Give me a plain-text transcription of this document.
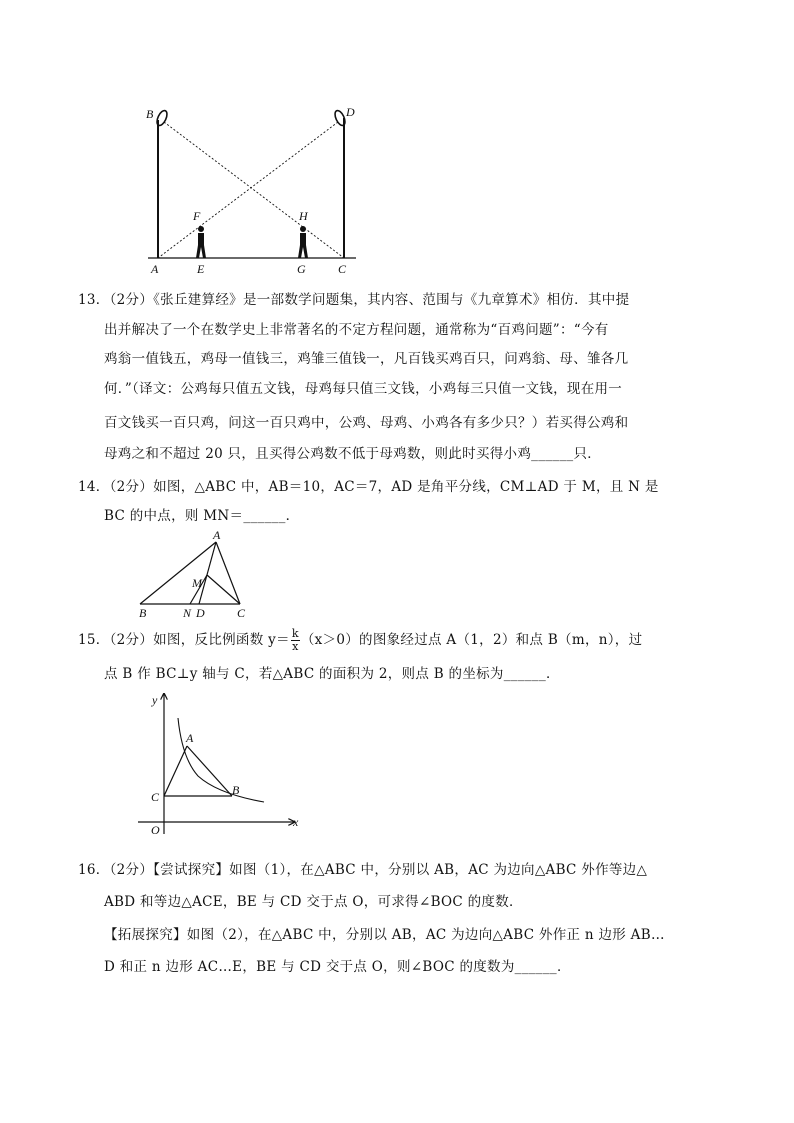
B	D
F	H
A	E	G	C
13．（2分）《张丘建算经》是一部数学问题集，其内容、范围与《九章算术》相仿．其中提
出并解决了一个在数学史上非常著名的不定方程问题，通常称为“百鸡问题”：“今有
鸡翁一值钱五，鸡母一值钱三，鸡雏三值钱一，凡百钱买鸡百只，问鸡翁、母、雏各几
何．”（译文：公鸡每只值五文钱，母鸡每只值三文钱，小鸡每三只值一文钱，现在用一
百文钱买一百只鸡，问这一百只鸡中，公鸡、母鸡、小鸡各有多少只？）若买得公鸡和
母鸡之和不超过 20 只，且买得公鸡数不低于母鸡数，则此时买得小鸡______只．
14．（2分）如图，△ABC 中，AB＝10，AC＝7，AD 是角平分线，CM⊥AD 于 M，且 N 是
BC 的中点，则 MN＝______．
A
M
B	N D	C
15．（2分）如图，反比例函数 $y= \frac{k}{x} (x>0)$的图象经过点 A（1，2）和点 B（m，n），过
点 B 作 BC⊥y 轴与 C，若△ABC 的面积为 2，则点 B 的坐标为______．
y
A
C	B
O
x
16．（2分）【尝试探究】如图（1），在△ABC 中，分别以 AB，AC 为边向△ABC 外作等边△
ABD 和等边△ACE，BE 与 CD 交于点 O，可求得∠BOC 的度数．
【拓展探究】如图（2），在△ABC 中，分别以 AB，AC 为边向△ABC 外作正 n 边形 AB…
D 和正 n 边形 AC…E，BE 与 CD 交于点 O，则∠BOC 的度数为______．
